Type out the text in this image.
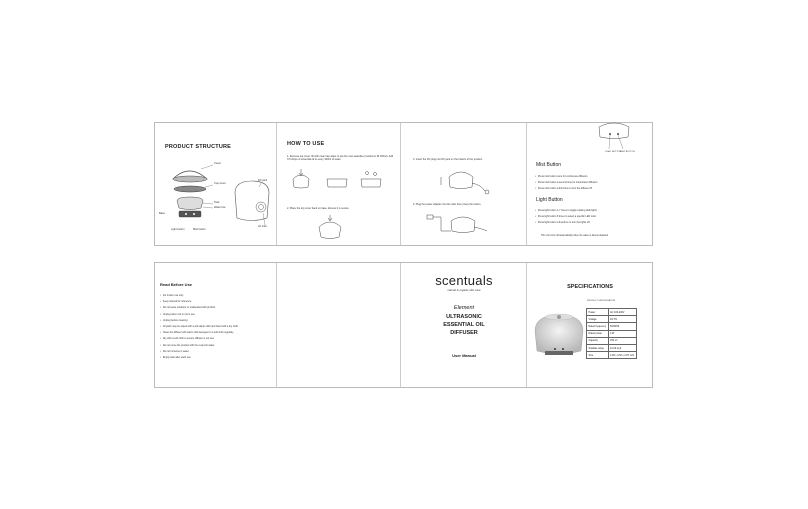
PRODUCT STRUCTURE
Cover
Cup cover
DC jack
Tank
Water line
Base
Light button	Mist button
Air inlet
HOW TO USE
1. Remove top cover, fill with clean tap water to top the max waterline (maximum fill 150ml). Add 3-5 drops of essential oil to every 100ml of water.
2. Place the top cover back on base. Ensure it is secure.
3. Insert the DC plug into DC jack on the bottom of the product.
4. Plug the power adapter into the wall, then press the button.
LIGHT BUTTON MIST BUTTON
Mist Button
• Press mist button once for continuous diffusion.
• Press mist button a second time for intermittent diffusion.
• Press mist button a third time to turn the diffuser off.
Light Button
• Press light button 1-7 times to toggle rotating LED lights.
• Press light button 8 times to select a specific LED color.
• Press light button a final time to turn the lights off.
This unit turns off automatically when the water is almost depleted.
Read Before Use
• For indoor use only.
• Keep manual for reference.
• Do not leave outdoors or unattended with product.
• Unplug when unit is not in use.
• Unplug before cleaning.
• All parts may be wiped with a soft damp cloth and dried with a dry cloth.
• Clean the diffuser with warm mild detergent in a soft cloth regularly.
• Dry with a soft cloth to ensure diffuser is not wet.
• Do not move the product with the reservoir water.
• Do not immerse in water.
• Empty tank after each use.
scentuals
natural & organic skin care
Element
ULTRASONIC
ESSENTIAL OIL
DIFFUSER
User Manual
SPECIFICATIONS
PRODUCT SPECIFICATION
Power	AC 100-240V
Voltage	DC 5V
Rated frequency	50/60HZ
Rated power	3 W
Capacity	150 ml
Suitable range	10-20 sq ft
Size	4.48 x 4.52 x 2.87 inch
